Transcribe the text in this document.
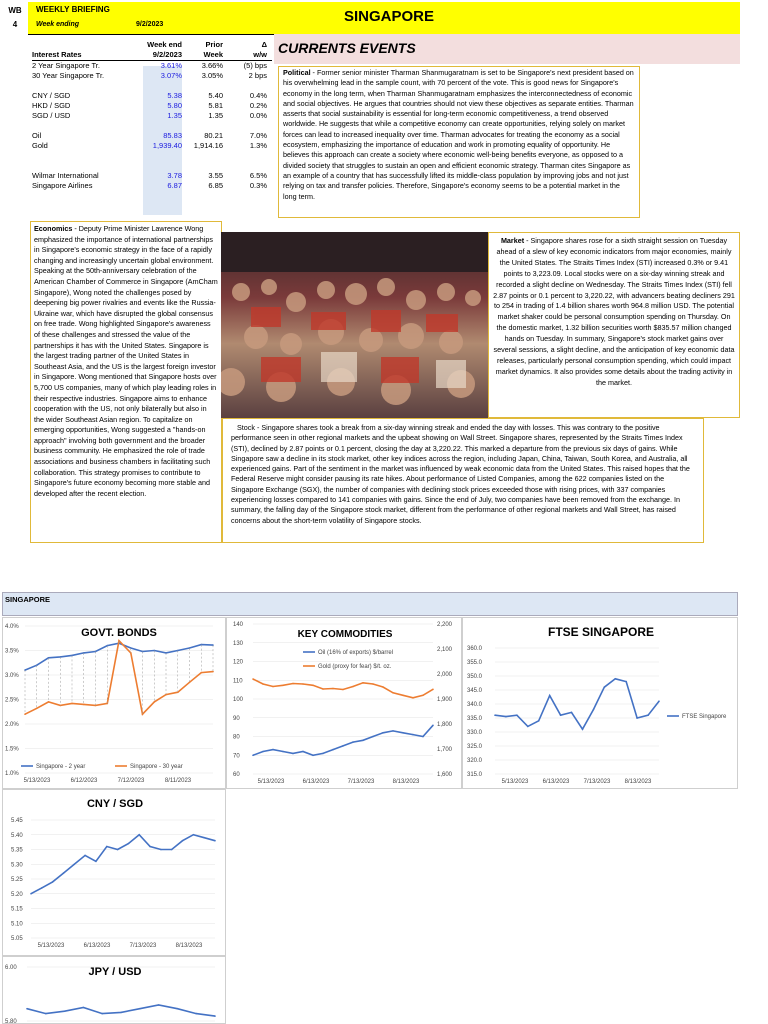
WB
4
WEEKLY BRIEFING
Week ending	9/2/2023	SINGAPORE
Week end	Prior	Δ
Interest Rates	9/2/2023	Week	w/w
2 Year Singapore Tr.	3.61%	3.66%	(5) bps
30 Year Singapore Tr.	3.07%	3.05%	2 bps
CNY / SGD	5.38	5.40	0.4%
HKD / SGD	5.80	5.81	0.2%
SGD / USD	1.35	1.35	0.0%
Oil	85.83	80.21	7.0%
Gold	1,939.40	1,914.16	1.3%
Wilmar International	3.78	3.55	6.5%
Singapore Airlines	6.87	6.85	0.3%
CURRENTS EVENTS

Political - Former senior minister Tharman Shanmugaratnam is set to be Singapore's next president based on his overwhelming lead in the sample count, with 70 percent of the vote. This is good news for Singapore's economy in the long term, when Tharman Shanmugaratnam emphasizes the interconnectedness of economic and social objectives. He argues that countries should not view these objectives as separate entities. Tharman asserts that social sustainability is essential for long-term economic competitiveness, a trend observed worldwide. He suggests that while a competitive economy can create opportunities, relying solely on market forces can lead to increased inequality over time. Tharman advocates for treating the economy as a social ecosystem, emphasizing the importance of education and work in promoting equality of opportunity. He believes this approach can create a society where economic well-being benefits everyone, as opposed to a divided society that struggles to sustain an open and efficient economic strategy. Tharman cites Singapore as an example of a country that has successfully lifted its middle-class population by improving jobs and not just relying on tax and transfer policies. Therefore, Singapore's economy seems to be a potential market in the long term.

Economics - Deputy Prime Minister Lawrence Wong emphasized the importance of international partnerships in Singapore's economic strategy in the face of a rapidly changing and increasingly uncertain global environment. Speaking at the 50th-anniversary celebration of the American Chamber of Commerce in Singapore (AmCham Singapore), Wong noted the challenges posed by deepening big power rivalries and events like the Russia-Ukraine war, which have disrupted the global consensus on free trade. Wong highlighted Singapore's awareness of these challenges and stressed the value of the partnerships it has with the United States. Singapore is the largest trading partner of the United States in Southeast Asia, and the US is the largest foreign investor in Singapore. Wong mentioned that Singapore hosts over 5,700 US companies, many of which play leading roles in their respective industries. Singapore aims to enhance cooperation with the US, not only bilaterally but also in the wider Southeast Asian region. To capitalize on emerging opportunities, Wong suggested a "hands-on approach" involving both government and the broader business community. He emphasized the role of trade associations and business chambers in facilitating such collaboration. This strategy promises to contribute to Singapore's future economy becoming more stable and developed after the recent election.

Market - Singapore shares rose for a sixth straight session on Tuesday ahead of a slew of key economic indicators from major economies, mainly the United States. The Straits Times Index (STI) increased 0.3% or 9.41 points to 3,223.09. Local stocks were on a six-day winning streak and recorded a slight decline on Wednesday. The Straits Times Index (STI) fell 2.87 points or 0.1 percent to 3,220.22, with advancers beating decliners 291 to 254 in trading of 1.4 billion shares worth 964.8 million USD. The potential market shaker could be personal consumption spending on Thursday. On the domestic market, 1.32 billion securities worth $835.57 million changed hands on Tuesday. In summary, Singapore's stock market gains over several sessions, a slight decline, and the anticipation of key economic data releases, particularly personal consumption spending, which could impact market dynamics. It also provides some details about the trading activity in the market.

Stock - Singapore shares took a break from a six-day winning streak and ended the day with losses. This was contrary to the positive performance seen in other regional markets and the upbeat showing on Wall Street. Singapore shares, represented by the Straits Times Index (STI), declined by 2.87 points or 0.1 percent, closing the day at 3,220.22. This marked a departure from the previous six days of gains. While Singapore saw a decline in its stock market, other key indices across the region, including Japan, China, Taiwan, South Korea, and Australia, all experienced gains. Part of the sentiment in the market was influenced by weak economic data from the United States. This raised hopes that the Federal Reserve might consider pausing its rate hikes. About performance of Listed Companies, among the 622 companies listed on the Singapore Exchange (SGX), the number of companies with declining stock prices exceeded those with rising prices, with 337 companies experiencing losses compared to 141 companies with gains. Since the end of July, two companies have been removed from the exchange. In summary, the falling day of the Singapore stock market, different from the performance of other regional markets and Wall Street, has raised concerns about the short-term volatility of Singapore stocks.

SINGAPORE
GOVT. BONDS
1.0%
1.5%
2.0%
2.5%
3.0%
3.5%
4.0%
5/13/2023	6/12/2023	7/12/2023	8/11/2023
Singapore - 2 year	Singapore - 30 year
KEY COMMODITIES
60
70
80
90
100
110
120
130
140
1,600
1,700
1,800
1,900
2,000
2,100
2,200
5/13/2023	6/13/2023	7/13/2023	8/13/2023
Oil (16% of exports) $/barrel
Gold (proxy for fear) $/t. oz.
FTSE SINGAPORE
315.0
320.0
325.0
330.0
335.0
340.0
345.0
350.0
355.0
360.0
5/13/2023 6/13/2023 7/13/2023 8/13/2023
FTSE Singapore
CNY / SGD
5.05
5.10
5.15
5.20
5.25
5.30
5.35
5.40
5.45
5/13/2023	6/13/2023	7/13/2023	8/13/2023
JPY / USD
5.80
6.00
